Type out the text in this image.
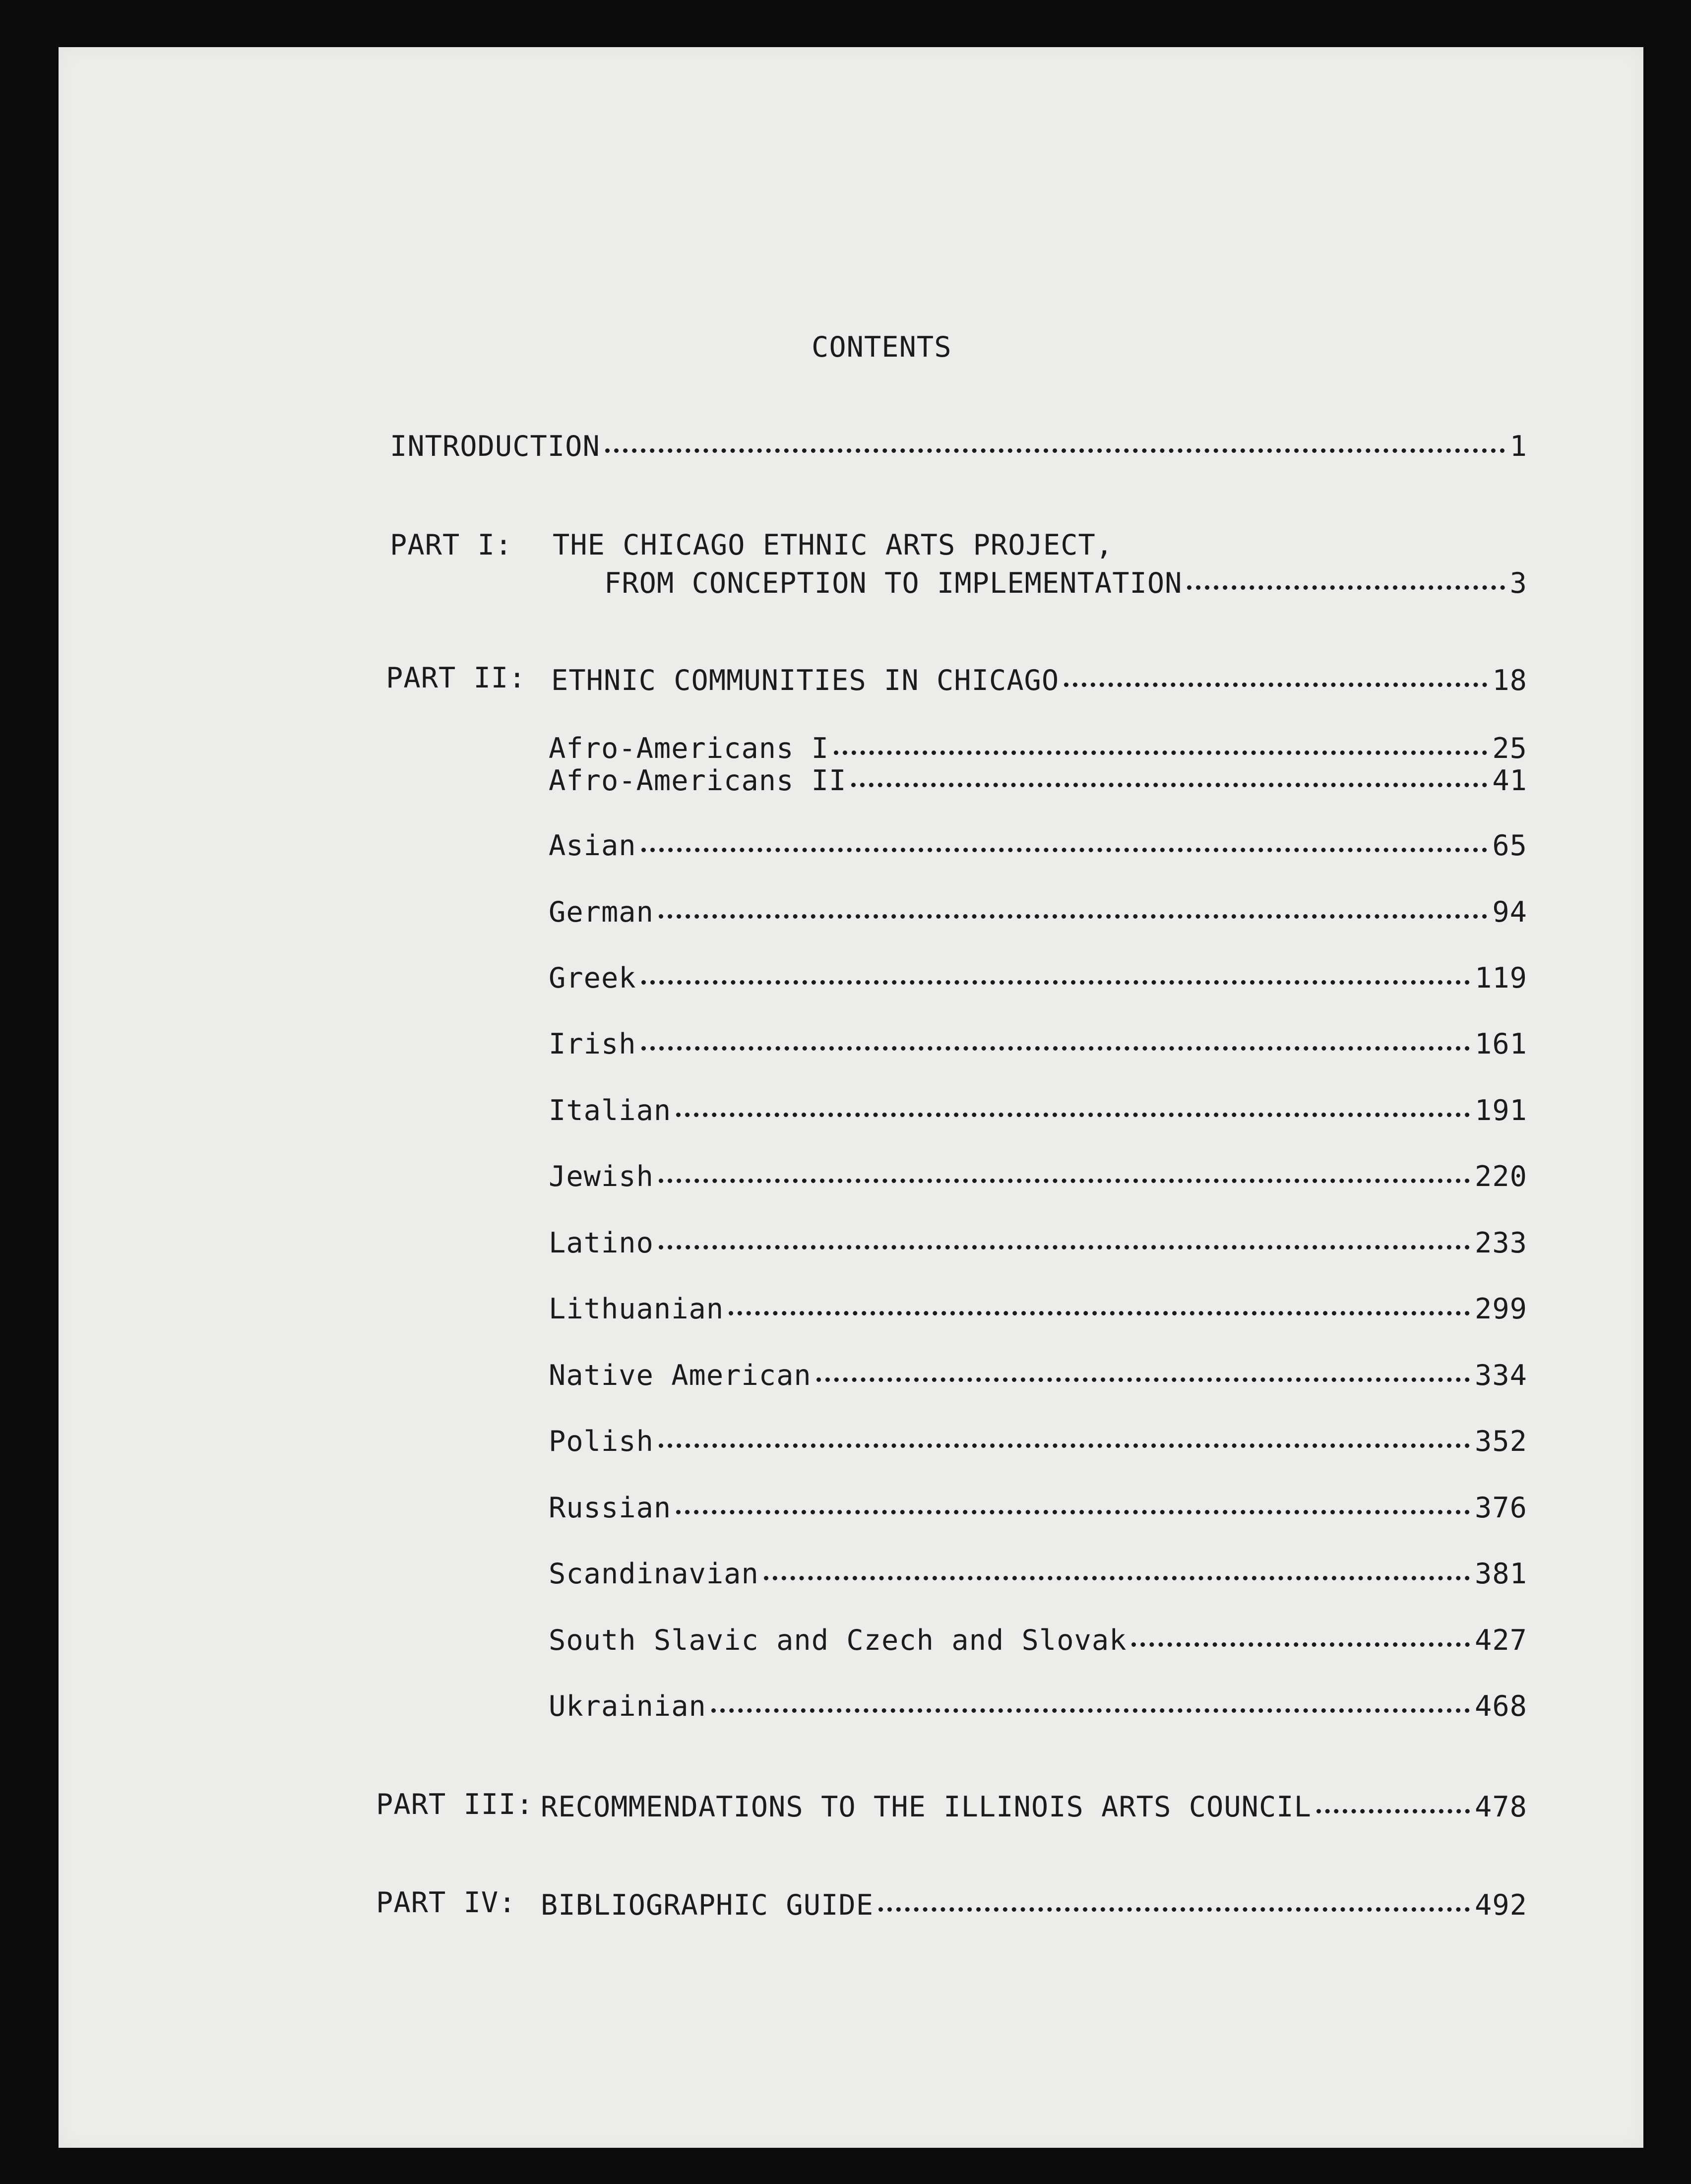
CONTENTS
INTRODUCTION	1
PART I: THE CHICAGO ETHNIC ARTS PROJECT,
FROM CONCEPTION TO IMPLEMENTATION	3
PART II: ETHNIC COMMUNITIES IN CHICAGO	18
Afro-Americans I	25
Afro-Americans II	41
Asian	65
German	94
Greek	119
Irish	161
Italian	191
Jewish	220
Latino	233
Lithuanian	299
Native American	334
Polish	352
Russian	376
Scandinavian	381
South Slavic and Czech and Slovak	427
Ukrainian	468
PART III: RECOMMENDATIONS TO THE ILLINOIS ARTS COUNCIL	478
PART IV: BIBLIOGRAPHIC GUIDE	492
